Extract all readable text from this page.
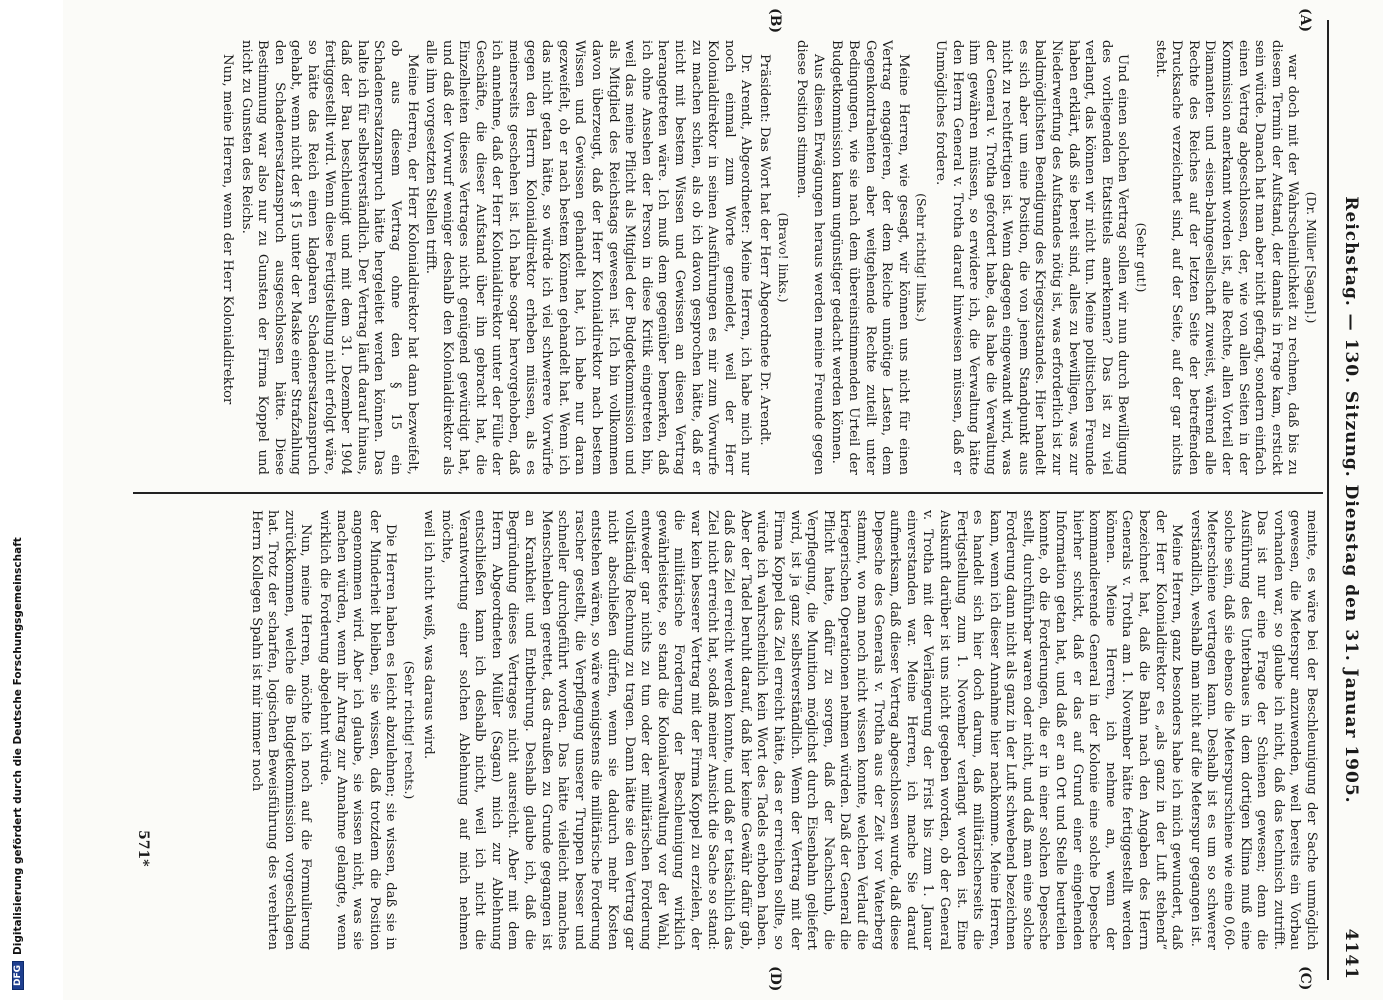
Reichstag. — 130. Sitzung. Dienstag den 31. Januar 1905.
4141
(A)
(B)
(C)
(D)

(Dr. Müller [Sagan].)

war doch mit der Wahrscheinlichkeit zu rechnen, daß bis zu diesem Termin der Aufstand, der damals in Frage kam, erstickt sein würde. Danach hat man aber nicht gefragt, sondern einfach einen Vertrag abgeschlossen, der, wie von allen Seiten in der Kommission anerkannt worden ist, alle Rechte, allen Vorteil der Diamanten- und -eisen-bahngesellschaft zuweist, während alle Rechte des Reiches auf der letzten Seite der betreffenden Drucksache verzeichnet sind, auf der Seite, auf der gar nichts steht.

(Sehr gut!)

Und einen solchen Vertrag sollen wir nun durch Bewilligung des vorliegenden Etatstitels anerkennen? Das ist zu viel verlangt, das können wir nicht tun. Meine politischen Freunde haben erklärt, daß sie bereit sind, alles zu bewilligen, was zur Niederwerfung des Aufstandes nötig ist, was erforderlich ist zur baldmöglichsten Beendigung des Kriegszustandes. Hier handelt es sich aber um eine Position, die von jenem Standpunkt aus nicht zu rechtfertigen ist. Wenn dagegen eingewandt wird, was der General v. Trotha gefordert habe, das habe die Verwaltung ihm gewähren müssen, so erwidere ich, die Verwaltung hätte den Herrn General v. Trotha darauf hinweisen müssen, daß er Unmögliches fordere.

(Sehr richtig! links.)

Meine Herren, wie gesagt, wir können uns nicht für einen Vertrag engagieren, der dem Reiche unnötige Lasten, dem Gegenkontrahenten aber weitgehende Rechte zuteilt unter Bedingungen, wie sie nach dem übereinstimmenden Urteil der Budgetkommission kaum ungünstiger gedacht werden können.

Aus diesen Erwägungen heraus werden meine Freunde gegen diese Position stimmen.

(Bravo! links.)

Präsident: Das Wort hat der Herr Abgeordnete Dr. Arendt.

Dr. Arendt, Abgeordneter: Meine Herren, ich habe mich nur noch einmal zum Worte gemeldet, weil der Herr Kolonialdirektor in seinen Ausführungen es mir zum Vorwurfe zu machen schien, als ob ich davon gesprochen hätte, daß er nicht mit bestem Wissen und Gewissen an diesen Vertrag herangetreten wäre. Ich muß dem gegenüber bemerken, daß ich ohne Ansehen der Person in diese Kritik eingetreten bin, weil das meine Pflicht als Mitglied der Budgetkommission und als Mitglied des Reichstags gewesen ist. Ich bin vollkommen davon überzeugt, daß der Herr Kolonialdirektor nach bestem Wissen und Gewissen gehandelt hat, ich habe nur daran gezweifelt, ob er nach bestem Können gehandelt hat. Wenn ich das nicht getan hätte, so würde ich viel schwerere Vorwürfe gegen den Herrn Kolonialdirektor erheben müssen, als es meinerseits geschehen ist. Ich habe sogar hervorgehoben, daß ich annehme, daß der Herr Kolonialdirektor unter der Fülle der Geschäfte, die dieser Aufstand über ihn gebracht hat, die Einzelheiten dieses Vertrages nicht genügend gewürdigt hat, und daß der Vorwurf weniger deshalb den Kolonialdirektor als alle ihm vorgesetzten Stellen trifft.

Meine Herren, der Herr Kolonialdirektor hat dann bezweifelt, ob aus diesem Vertrag ohne den § 15 ein Schadenersatzanspruch hätte hergeleitet werden können. Das halte ich für selbstverständlich. Der Vertrag läuft darauf hinaus, daß der Bau beschleunigt und mit dem 31. Dezember 1904 fertiggestellt wird. Wenn diese Fertigstellung nicht erfolgt wäre, so hätte das Reich einen klagbaren Schadenersatzanspruch gehabt, wenn nicht der § 15 unter der Maske einer Strafzahlung den Schadenersatzanspruch ausgeschlossen hätte. Diese Bestimmung war also nur zu Gunsten der Firma Koppel und nicht zu Gunsten des Reichs.

Nun, meine Herren, wenn der Herr Kolonialdirektor

meinte, es wäre bei der Beschleunigung der Sache unmöglich gewesen, die Meterspur anzuwenden, weil bereits ein Vorbau vorhanden war, so glaube ich nicht, daß das technisch zutrifft. Das ist nur eine Frage der Schienen gewesen; denn die Ausführung des Unterbaues in dem dortigen Klima muß eine solche sein, daß sie ebenso die Meterspurschiene wie eine 0,60-Meterschiene vertragen kann. Deshalb ist es um so schwerer verständlich, weshalb man nicht auf die Meterspur gegangen ist.

Meine Herren, ganz besonders habe ich mich gewundert, daß der Herr Kolonialdirektor es „als ganz in der Luft stehend“ bezeichnet hat, daß die Bahn nach den Angaben des Herrn Generals v. Trotha am 1. November hätte fertiggestellt werden können. Meine Herren, ich nehme an, wenn der kommandierende General in der Kolonie eine solche Depesche hierher schickt, daß er das auf Grund einer eingehenden Information getan hat, und daß er an Ort und Stelle beurteilen konnte, ob die Forderungen, die er in einer solchen Depesche stellt, durchführbar waren oder nicht, und daß man eine solche Forderung dann nicht als ganz in der Luft schwebend bezeichnen kann, wenn ich dieser Annahme hier nachkomme. Meine Herren, es handelt sich hier doch darum, daß militärischerseits die Fertigstellung zum 1. November verlangt worden ist. Eine Auskunft darüber ist uns nicht gegeben worden, ob der General v. Trotha mit der Verlängerung der Frist bis zum 1. Januar einverstanden war. Meine Herren, ich mache Sie darauf aufmerksam, daß dieser Vertrag abgeschlossen wurde, daß diese Depesche des Generals v. Trotha aus der Zeit vor Waterberg stammt, wo man noch nicht wissen konnte, welchen Verlauf die kriegerischen Operationen nehmen würden. Daß der General die Pflicht hatte, dafür zu sorgen, daß der Nachschub, die Verpflegung, die Munition möglichst durch Eisenbahn geliefert wird, ist ja ganz selbstverständlich. Wenn der Vertrag mit der Firma Koppel das Ziel erreicht hätte, das er erreichen sollte, so würde ich wahrscheinlich kein Wort des Tadels erhoben haben. Aber der Tadel beruht darauf, daß hier keine Gewähr dafür gab, daß das Ziel erreicht werden konnte, und daß er tatsächlich das Ziel nicht erreicht hat, sodaß meiner Ansicht die Sache so stand: war kein besserer Vertrag mit der Firma Koppel zu erzielen, der die militärische Forderung der Beschleunigung wirklich gewährleistete, so stand die Kolonialverwaltung vor der Wahl, entweder gar nichts zu tun oder der militärischen Forderung vollständig Rechnung zu tragen. Dann hätte sie den Vertrag gar nicht abschließen dürfen, wenn sie dadurch mehr Kosten entstehen wären, so wäre wenigstens die militärische Forderung rascher gestellt, die Verpflegung unserer Truppen besser und schneller durchgeführt worden. Das hätte vielleicht manches Menschenleben gerettet, das draußen zu Grunde gegangen ist an Krankheit und Entbehrung. Deshalb glaube ich, daß die Begründung dieses Vertrages nicht ausreicht. Aber mit dem Herrn Abgeordneten Müller (Sagan) mich zur Ablehnung entschließen kann ich deshalb nicht, weil ich nicht die Verantwortung einer solchen Ablehnung auf mich nehmen möchte,

weil ich nicht weiß, was daraus wird.

(Sehr richtig! rechts.)

Die Herren haben es leicht abzulehnen; sie wissen, daß sie in der Minderheit bleiben, sie wissen, daß trotzdem die Position angenommen wird. Aber ich glaube, sie wissen nicht, was sie machen würden, wenn ihr Antrag zur Annahme gelangte, wenn wirklich die Forderung abgelehnt würde.

Nun, meine Herren, möchte ich noch auf die Formulierung zurückkommen, welche die Budgetkommission vorgeschlagen hat. Trotz der scharfen, logischen Beweisführung des verehrten Herrn Kollegen Spahn ist mir immer noch

571*
DFG
Digitalisierung gefördert durch die Deutsche Forschungsgemeinschaft
